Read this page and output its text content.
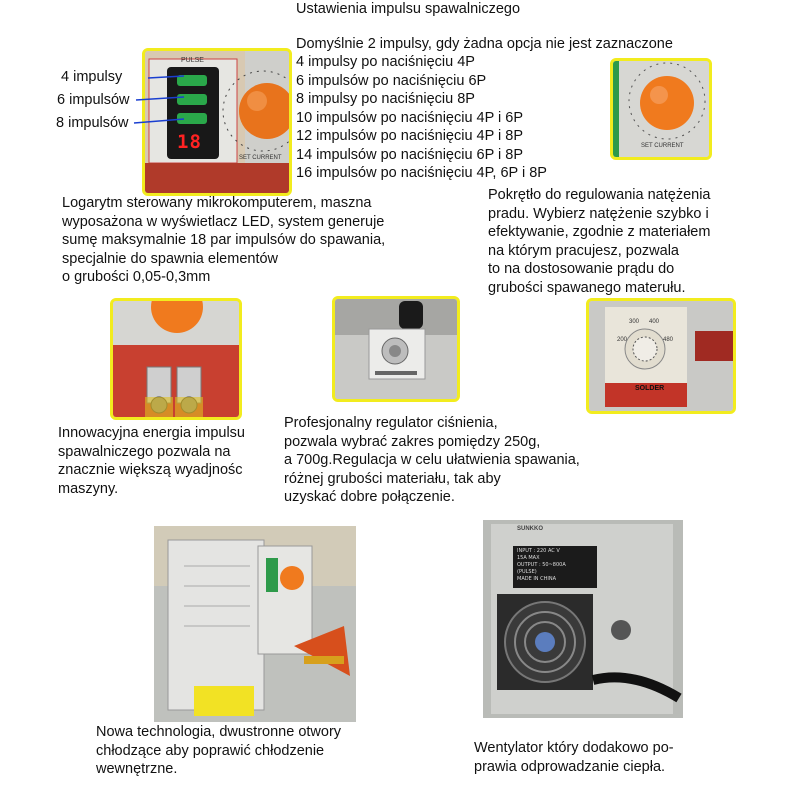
Ustawienia impulsu spawalniczego
Domyślnie 2 impulsy, gdy żadna opcja nie jest zaznaczone
4 impulsy po naciśnięciu 4P
6 impulsów po naciśnięciu 6P
8 impulsy po naciśnięciu 8P
10 impulsów po naciśnięciu 4P i 6P
12 impulsów po naciśnięciu 4P i 8P
14 impulsów po naciśnięciu 6P i 8P
16 impulsów po naciśnięciu 4P, 6P i 8P
PULSE
18
SET CURRENT
4 impulsy
6 impulsów
8 impulsów
SET CURRENT
Logarytm sterowany mikrokomputerem, maszna
wyposażona w wyświetlacz LED, system generuje
sumę maksymalnie 18 par impulsów do spawania,
specjalnie do spawnia elementów
o grubości 0,05-0,3mm
Pokrętło do regulowania natężenia
pradu. Wybierz natężenie szybko i
efektywanie, zgodnie z materiałem
na którym pracujesz, pozwala
to na dostosowanie prądu do
grubości spawanego materułu.
200
300 400
480
SOLDER
Innowacyjna energia impulsu
spawalniczego pozwala na
znacznie większą wyadjnośc
maszyny.
Profesjonalny regulator ciśnienia,
pozwala wybrać zakres pomiędzy 250g,
a 700g.Regulacja w celu ułatwienia spawania,
różnej grubości materiału, tak aby
uzyskać dobre połączenie.
SUNKKO
INPUT : 220 AC V
15A MAX
OUTPUT : 50~800A
(PULSE)
MADE IN CHINA
Nowa technologia, dwustronne otwory
chłodzące aby poprawić chłodzenie
wewnętrzne.
Wentylator który dodakowo po-
prawia odprowadzanie ciepła.
